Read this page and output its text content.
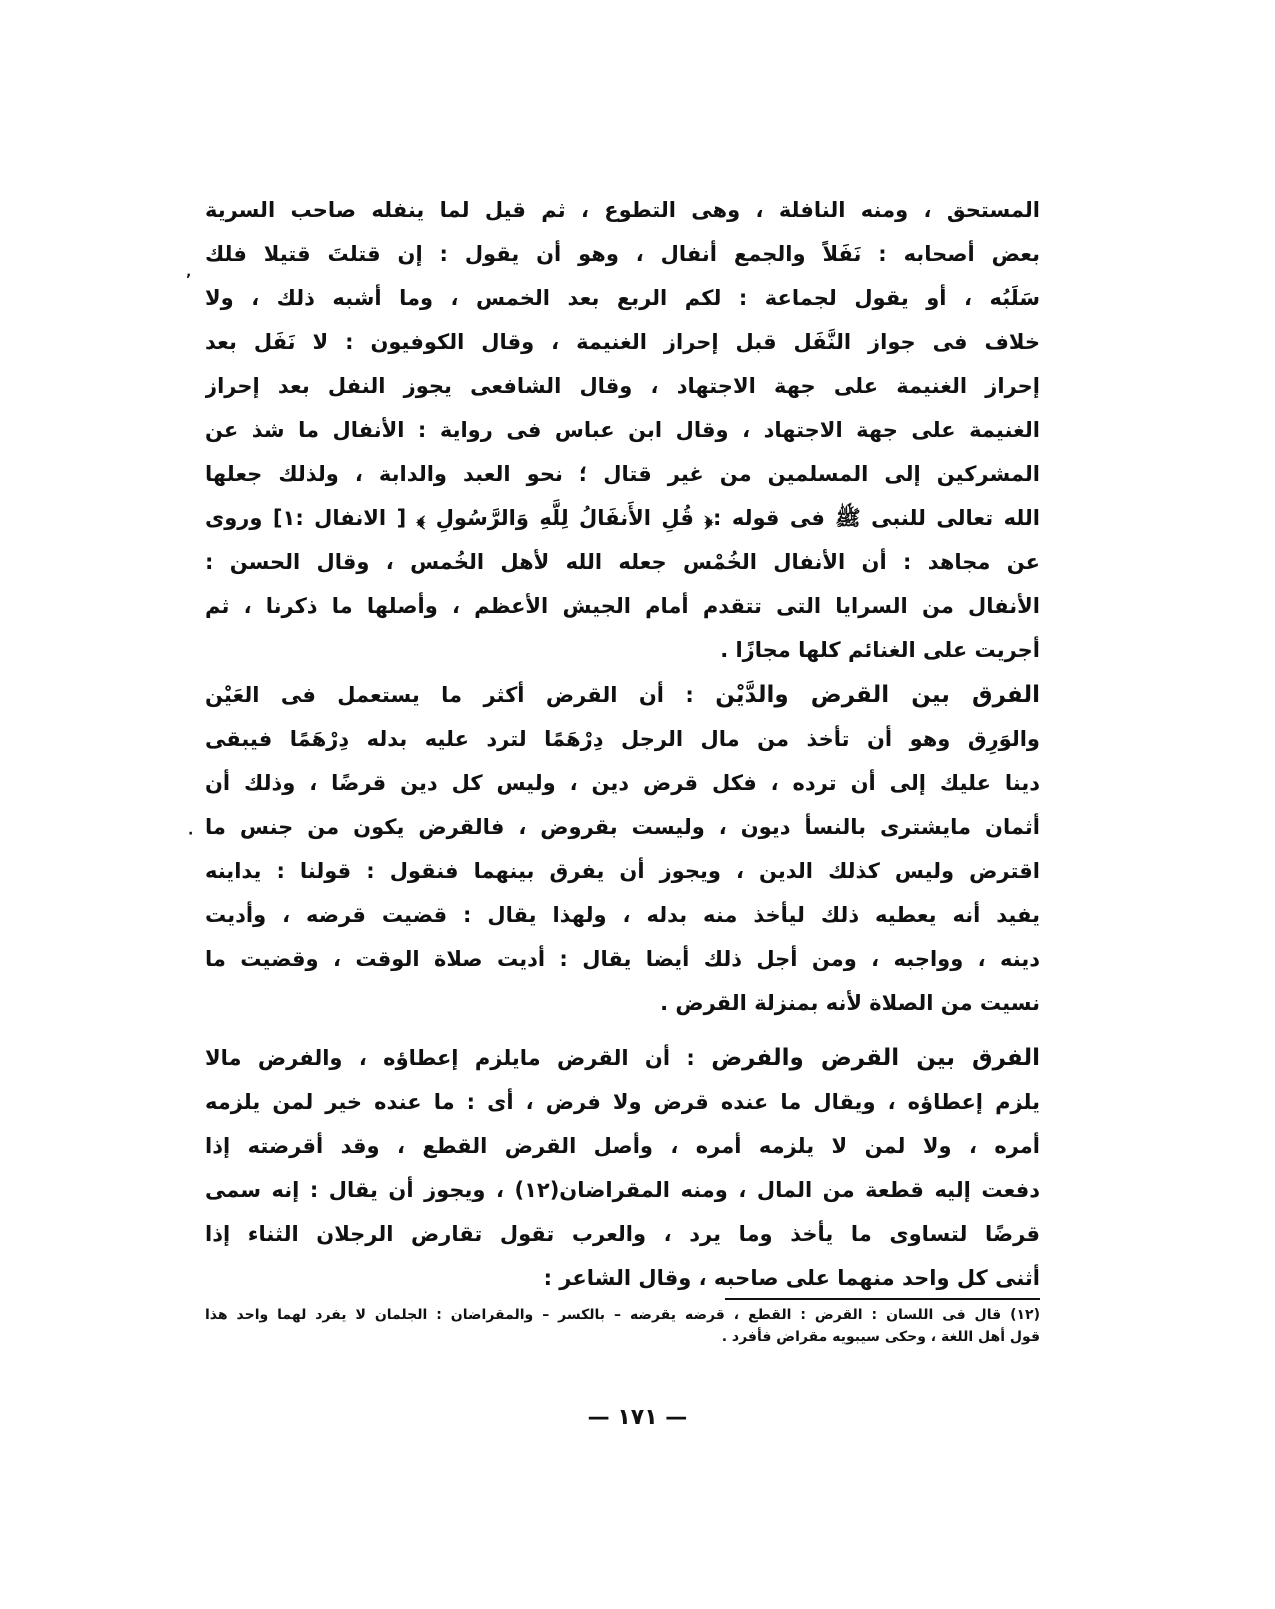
المستحق ، ومنه النافلة ، وهى التطوع ، ثم قيل لما ينفله صاحب السرية
بعض أصحابه : نَفَلاً والجمع أنفال ، وهو أن يقول : إن قتلتَ قتيلا فلك
سَلَبُه ، أو يقول لجماعة : لكم الربع بعد الخمس ، وما أشبه ذلك ، ولا
خلاف فى جواز النَّفَل قبل إحراز الغنيمة ، وقال الكوفيون : لا نَفَل بعد
إحراز الغنيمة على جهة الاجتهاد ، وقال الشافعى يجوز النفل بعد إحراز
الغنيمة على جهة الاجتهاد ، وقال ابن عباس فى رواية : الأنفال ما شذ عن
المشركين إلى المسلمين من غير قتال ؛ نحو العبد والدابة ، ولذلك جعلها
الله تعالى للنبى ﷺ فى قوله :﴿ قُلِ الأَنفَالُ لِلَّهِ وَالرَّسُولِ ﴾ [ الانفال :١] وروى
عن مجاهد : أن الأنفال الخُمْس جعله الله لأهل الخُمس ، وقال الحسن :
الأنفال من السرايا التى تتقدم أمام الجيش الأعظم ، وأصلها ما ذكرنا ، ثم
أجريت على الغنائم كلها مجازًا .
الفرق بين القرض والدَّيْن : أن القرض أكثر ما يستعمل فى العَيْن
والوَرِق وهو أن تأخذ من مال الرجل دِرْهَمًا لترد عليه بدله دِرْهَمًا فيبقى
دينا عليك إلى أن ترده ، فكل قرض دين ، وليس كل دين قرضًا ، وذلك أن
أثمان مايشترى بالنسأ ديون ، وليست بقروض ، فالقرض يكون من جنس ما
اقترض وليس كذلك الدين ، ويجوز أن يفرق بينهما فنقول : قولنا : يداينه
يفيد أنه يعطيه ذلك ليأخذ منه بدله ، ولهذا يقال : قضيت قرضه ، وأديت
دينه ، وواجبه ، ومن أجل ذلك أيضا يقال : أديت صلاة الوقت ، وقضيت ما
نسيت من الصلاة لأنه بمنزلة القرض .
الفرق بين القرض والفرض : أن القرض مايلزم إعطاؤه ، والفرض مالا
يلزم إعطاؤه ، ويقال ما عنده قرض ولا فرض ، أى : ما عنده خير لمن يلزمه
أمره ، ولا لمن لا يلزمه أمره ، وأصل القرض القطع ، وقد أقرضته إذا
دفعت إليه قطعة من المال ، ومنه المقراضان(١٢) ، ويجوز أن يقال : إنه سمى
قرضًا لتساوى ما يأخذ وما يرد ، والعرب تقول تقارض الرجلان الثناء إذا
أثنى كل واحد منهما على صاحبه ، وقال الشاعر :
(١٢) قال فى اللسان : القرض : القطع ، قرضه يقرضه – بالكسر – والمقراضان : الجلمان لا يفرد لهما واحد هذا
قول أهل اللغة ، وحكى سيبويه مقراض فأفرد .
— ١٧١ —
ʼ
·
